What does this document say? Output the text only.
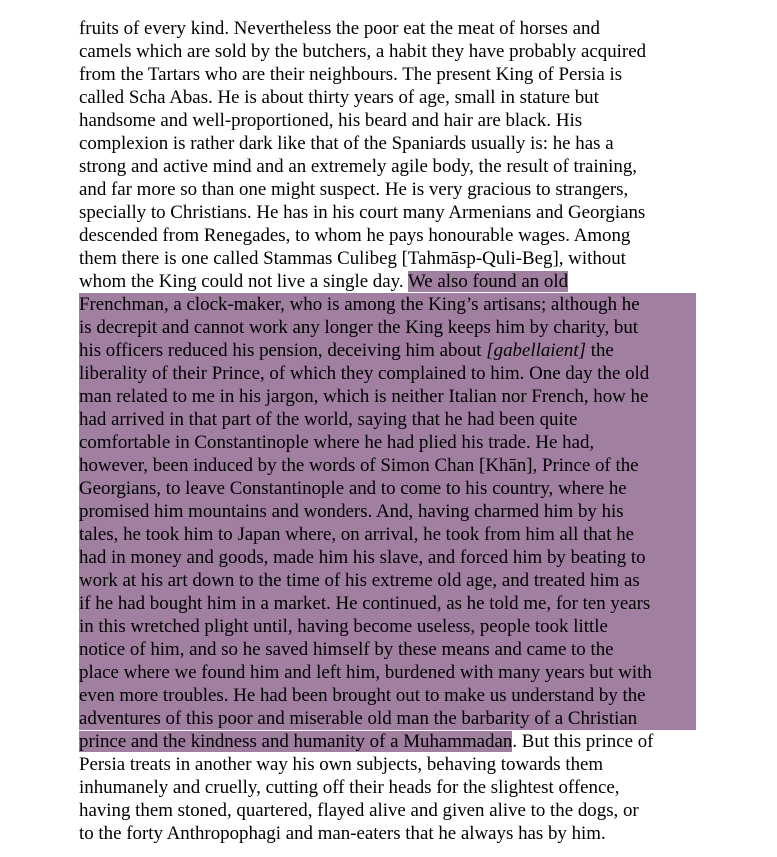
fruits of every kind. Nevertheless the poor eat the meat of horses and
camels which are sold by the butchers, a habit they have probably acquired
from the Tartars who are their neighbours. The present King of Persia is
called Scha Abas. He is about thirty years of age, small in stature but
handsome and well-proportioned, his beard and hair are black. His
complexion is rather dark like that of the Spaniards usually is: he has a
strong and active mind and an extremely agile body, the result of training,
and far more so than one might suspect. He is very gracious to strangers,
specially to Christians. He has in his court many Armenians and Georgians
descended from Renegades, to whom he pays honourable wages. Among
them there is one called Stammas Culibeg [Tahmāsp-Quli-Beg], without
whom the King could not live a single day. We also found an old
Frenchman, a clock-maker, who is among the King’s artisans; although he
is decrepit and cannot work any longer the King keeps him by charity, but
his officers reduced his pension, deceiving him about [gabellaient] the
liberality of their Prince, of which they complained to him. One day the old
man related to me in his jargon, which is neither Italian nor French, how he
had arrived in that part of the world, saying that he had been quite
comfortable in Constantinople where he had plied his trade. He had,
however, been induced by the words of Simon Chan [Khān], Prince of the
Georgians, to leave Constantinople and to come to his country, where he
promised him mountains and wonders. And, having charmed him by his
tales, he took him to Japan where, on arrival, he took from him all that he
had in money and goods, made him his slave, and forced him by beating to
work at his art down to the time of his extreme old age, and treated him as
if he had bought him in a market. He continued, as he told me, for ten years
in this wretched plight until, having become useless, people took little
notice of him, and so he saved himself by these means and came to the
place where we found him and left him, burdened with many years but with
even more troubles. He had been brought out to make us understand by the
adventures of this poor and miserable old man the barbarity of a Christian
prince and the kindness and humanity of a Muhammadan. But this prince of
Persia treats in another way his own subjects, behaving towards them
inhumanely and cruelly, cutting off their heads for the slightest offence,
having them stoned, quartered, flayed alive and given alive to the dogs, or
to the forty Anthropophagi and man-eaters that he always has by him.
